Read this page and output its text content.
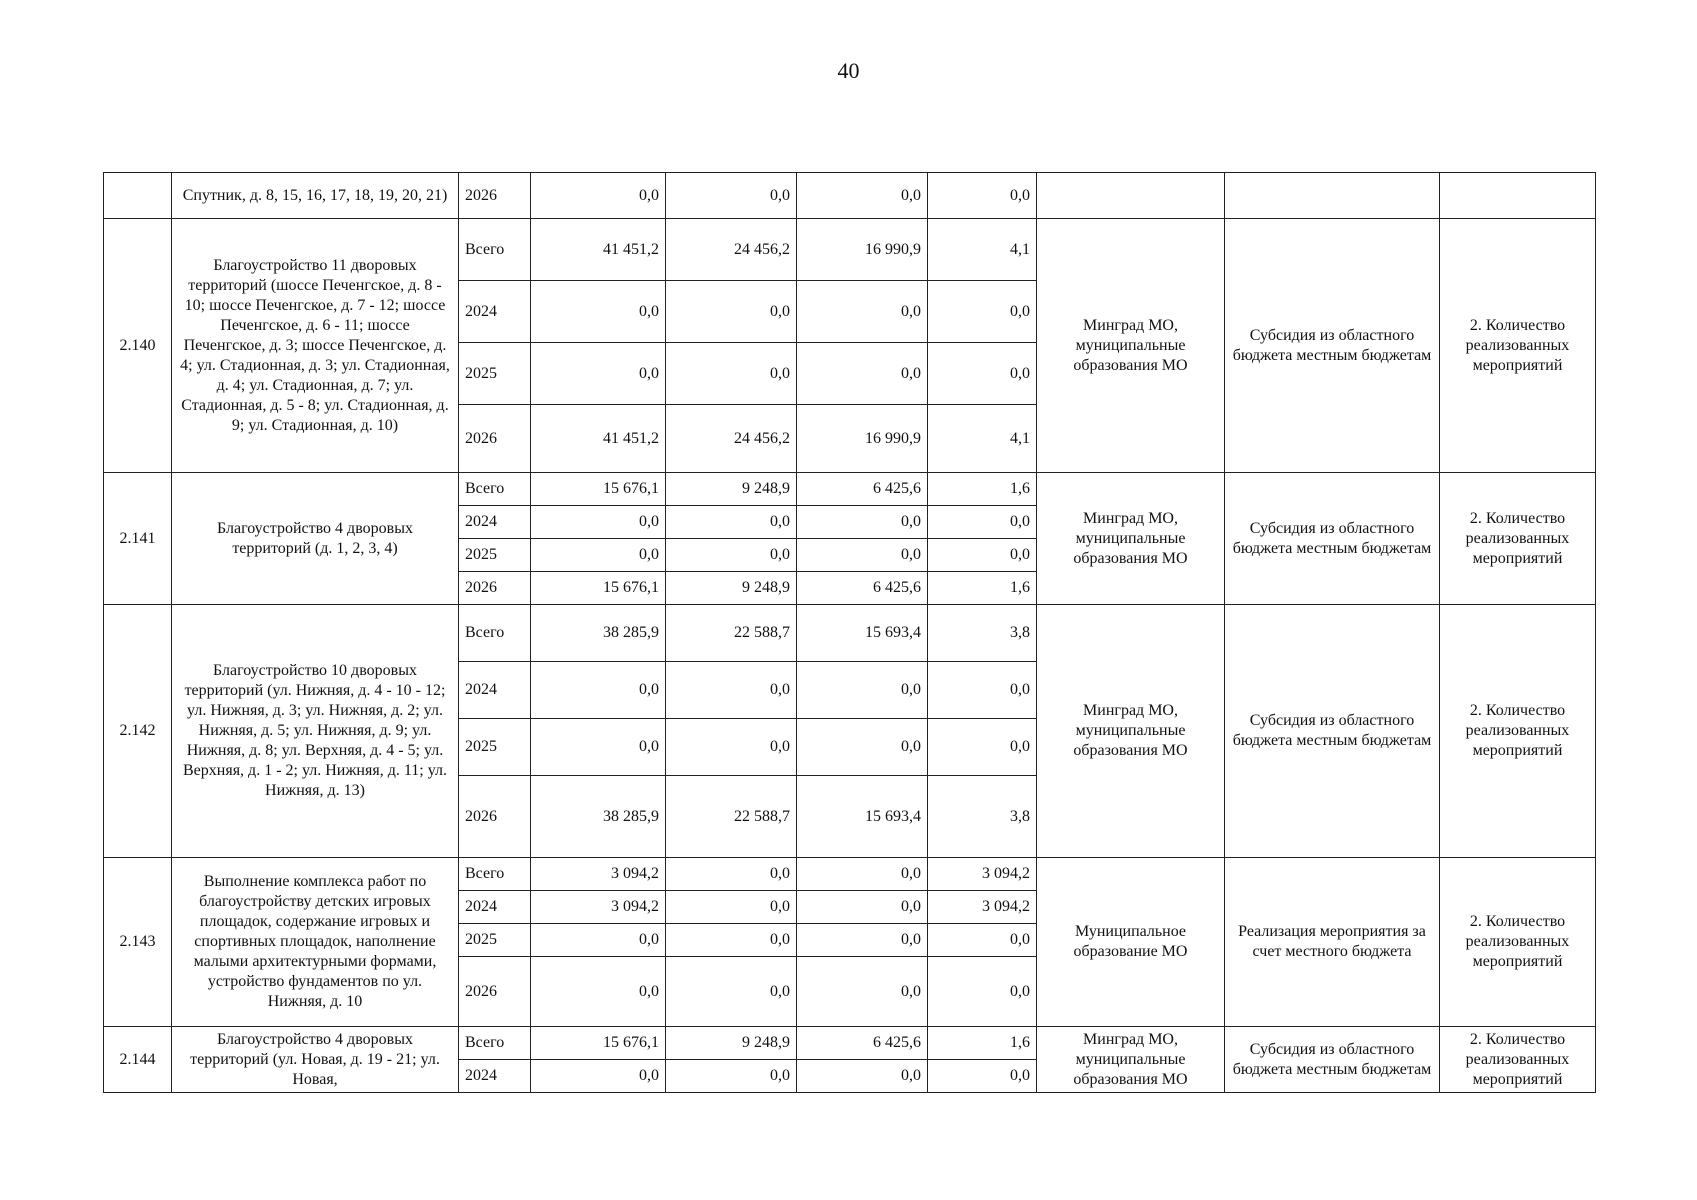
40
	Спутник, д. 8, 15, 16, 17, 18, 19, 20, 21)	2026	0,0	0,0	0,0	0,0			
2.140	Благоустройство 11 дворовых территорий (шоссе Печенгское, д. 8 - 10; шоссе Печенгское, д. 7 - 12; шоссе Печенгское, д. 6 - 11; шоссе Печенгское, д. 3; шоссе Печенгское, д. 4; ул. Стадионная, д. 3; ул. Стадионная, д. 4; ул. Стадионная, д. 7; ул. Стадионная, д. 5 - 8; ул. Стадионная, д. 9; ул. Стадионная, д. 10)	Всего	41 451,2	24 456,2	16 990,9	4,1	Минград МО, муниципальные образования МО	Субсидия из областного бюджета местным бюджетам	2. Количество реализованных мероприятий
		2024	0,0	0,0	0,0	0,0			
		2025	0,0	0,0	0,0	0,0			
		2026	41 451,2	24 456,2	16 990,9	4,1			
2.141	Благоустройство 4 дворовых территорий (д. 1, 2, 3, 4)	Всего	15 676,1	9 248,9	6 425,6	1,6	Минград МО, муниципальные образования МО	Субсидия из областного бюджета местным бюджетам	2. Количество реализованных мероприятий
		2024	0,0	0,0	0,0	0,0			
		2025	0,0	0,0	0,0	0,0			
		2026	15 676,1	9 248,9	6 425,6	1,6			
2.142	Благоустройство 10 дворовых территорий (ул. Нижняя, д. 4 - 10 - 12; ул. Нижняя, д. 3; ул. Нижняя, д. 2; ул. Нижняя, д. 5; ул. Нижняя, д. 9; ул. Нижняя, д. 8; ул. Верхняя, д. 4 - 5; ул. Верхняя, д. 1 - 2; ул. Нижняя, д. 11; ул. Нижняя, д. 13)	Всего	38 285,9	22 588,7	15 693,4	3,8	Минград МО, муниципальные образования МО	Субсидия из областного бюджета местным бюджетам	2. Количество реализованных мероприятий
		2024	0,0	0,0	0,0	0,0			
		2025	0,0	0,0	0,0	0,0			
		2026	38 285,9	22 588,7	15 693,4	3,8			
2.143	Выполнение комплекса работ по благоустройству детских игровых площадок, содержание игровых и спортивных площадок, наполнение малыми архитектурными формами, устройство фундаментов по ул. Нижняя, д. 10	Всего	3 094,2	0,0	0,0	3 094,2	Муниципальное образование МО	Реализация мероприятия за счет местного бюджета	2. Количество реализованных мероприятий
		2024	3 094,2	0,0	0,0	3 094,2			
		2025	0,0	0,0	0,0	0,0			
		2026	0,0	0,0	0,0	0,0			
2.144	Благоустройство 4 дворовых территорий (ул. Новая, д. 19 - 21; ул. Новая,	Всего	15 676,1	9 248,9	6 425,6	1,6	Минград МО, муниципальные образования МО	Субсидия из областного бюджета местным бюджетам	2. Количество реализованных мероприятий
		2024	0,0	0,0	0,0	0,0			
